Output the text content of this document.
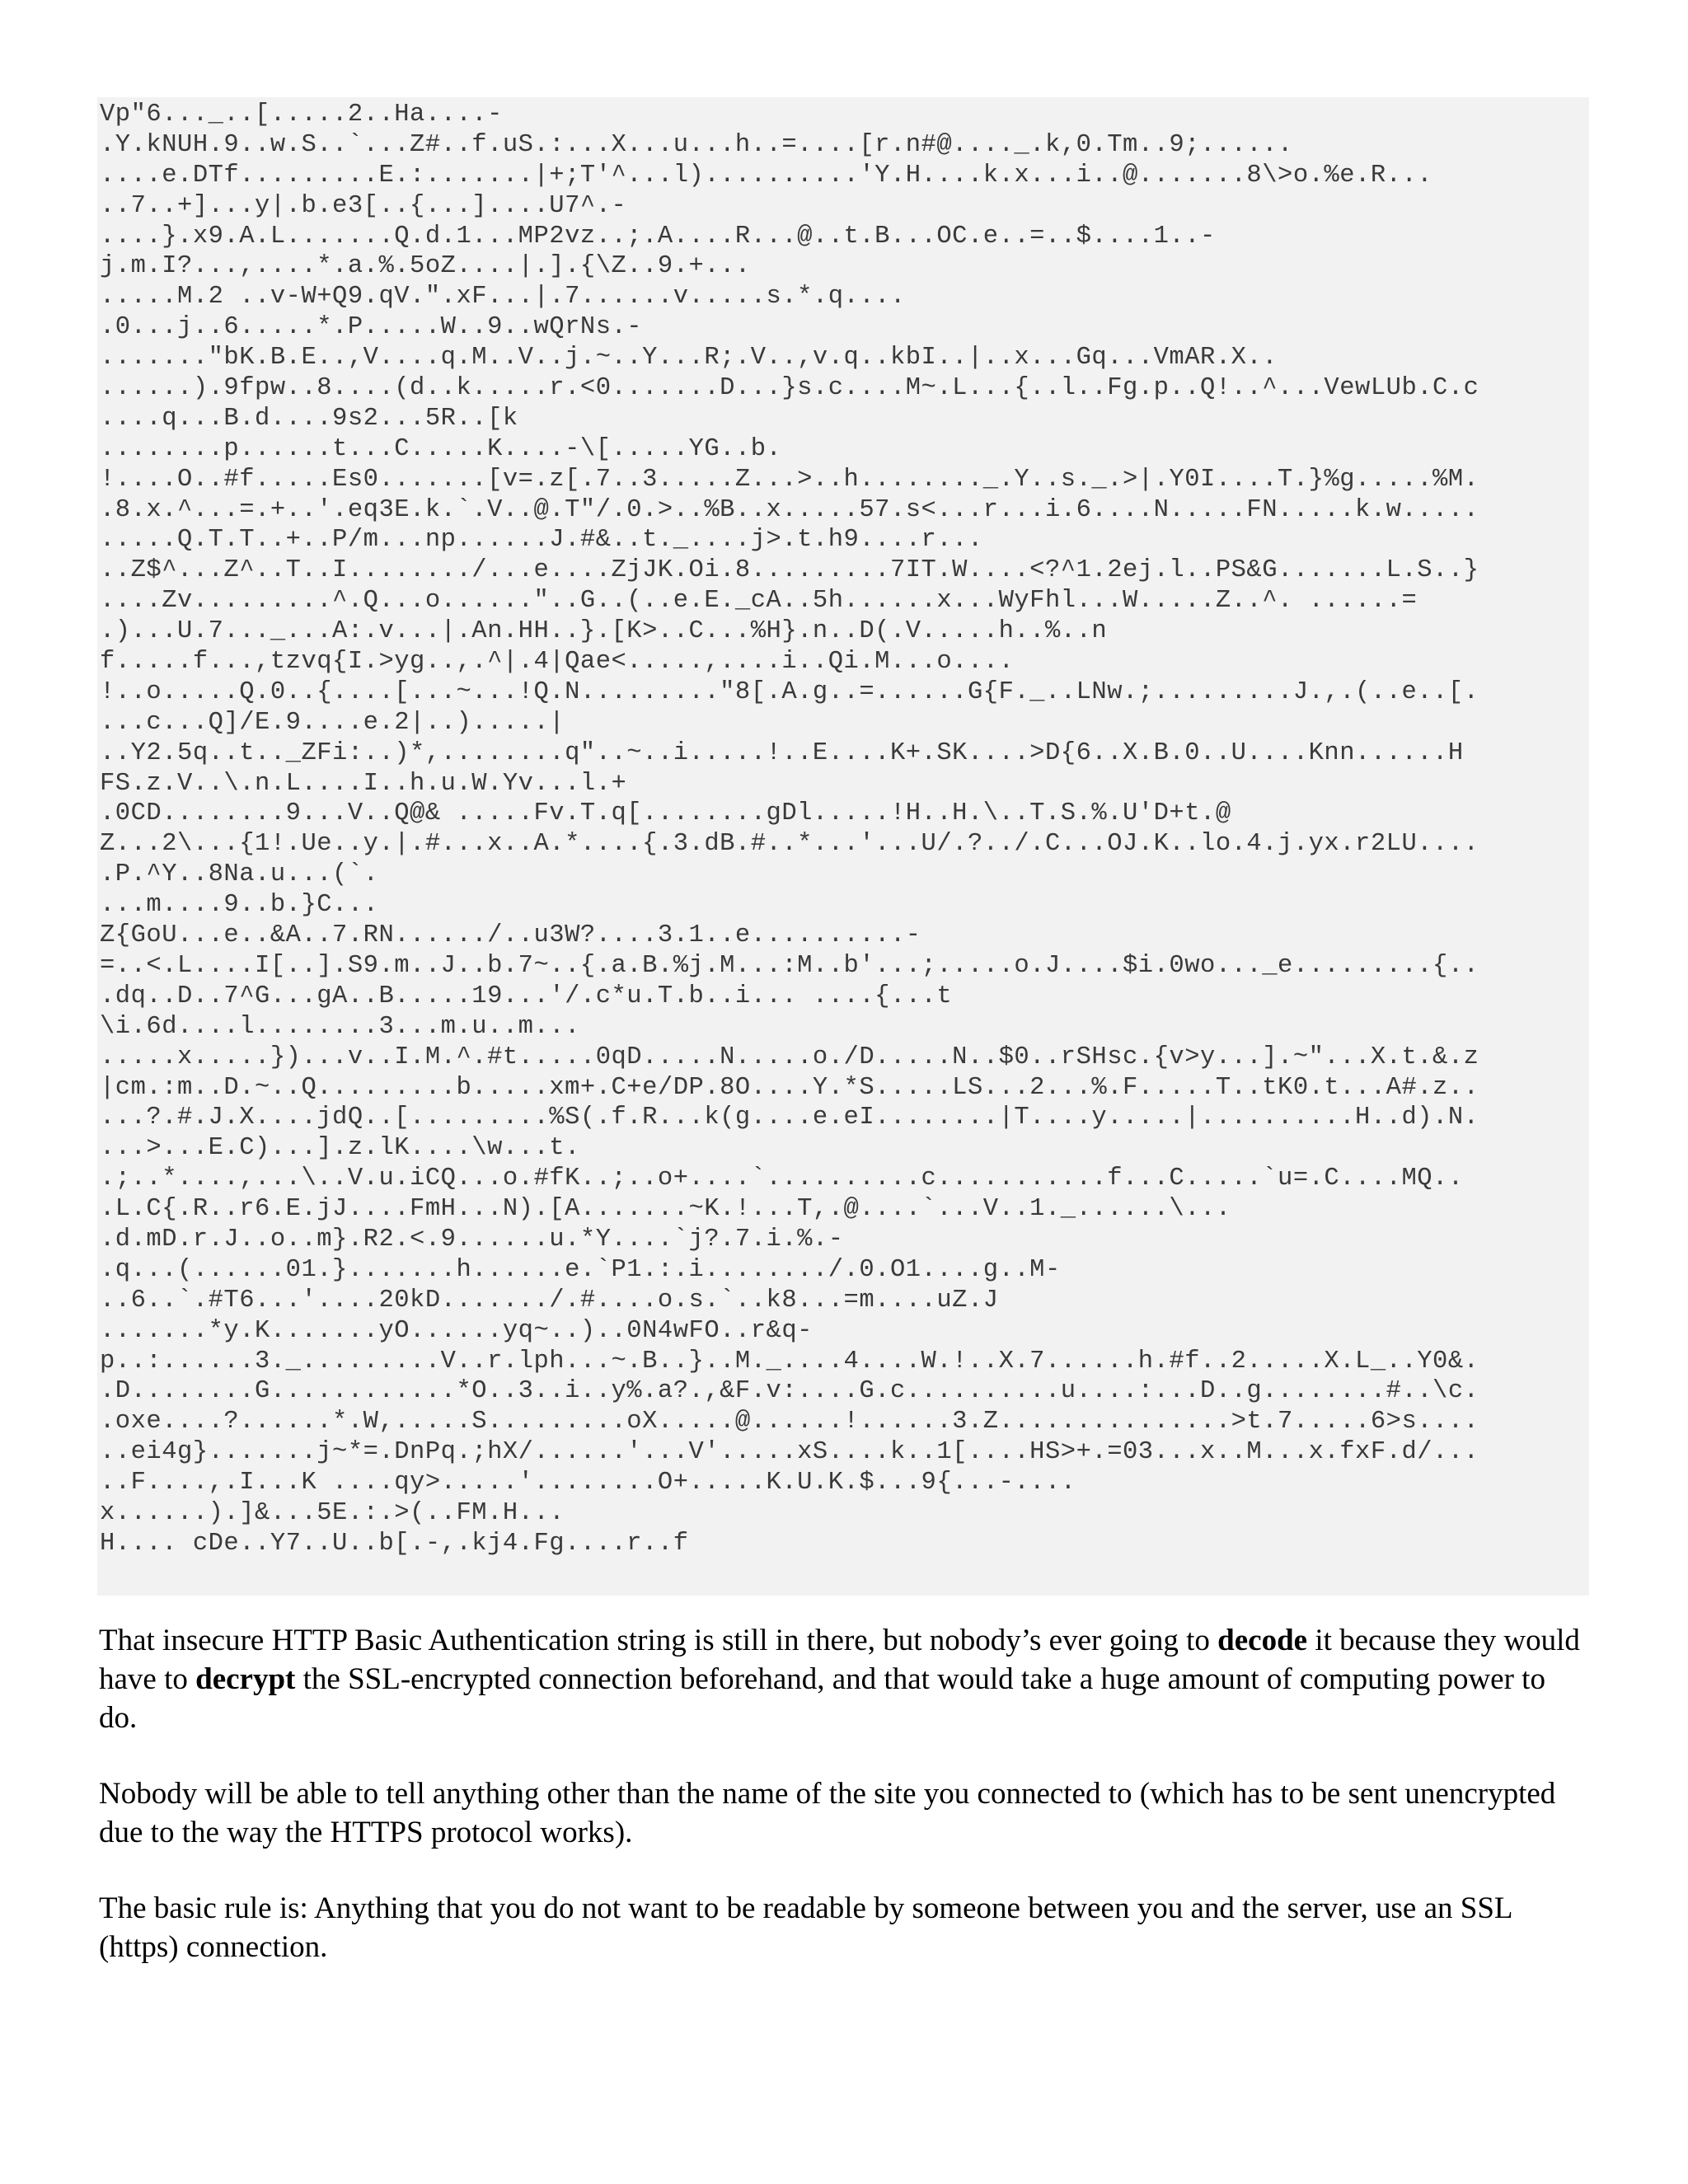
Vp"6..._..[.....2..Ha....-
.Y.kNUH.9..w.S..`...Z#..f.uS.:...X...u...h..=....[r.n#@...._.k,0.Tm..9;......
....e.DTf.........E.:.......|+;T'^...l)..........'Y.H....k.x...i..@.......8\>o.%e.R...
..7..+]...y|.b.e3[..{...]....U7^.-
....}.x9.A.L.......Q.d.1...MP2vz..;.A....R...@..t.B...OC.e..=..$....1..-
j.m.I?...,....*.a.%.5oZ....|.].{\Z..9.+...
.....M.2 ..v-W+Q9.qV.".xF...|.7......v.....s.*.q....
.0...j..6.....*.P.....W..9..wQrNs.-
......."bK.B.E..,V....q.M..V..j.~..Y...R;.V..,v.q..kbI..|..x...Gq...VmAR.X..
......).9fpw..8....(d..k.....r.<0.......D...}s.c....M~.L...{..l..Fg.p..Q!..^...VewLUb.C.c
....q...B.d....9s2...5R..[k
........p......t...C.....K....-\[.....YG..b.
!....O..#f.....Es0.......[v=.z[.7..3.....Z...>..h........_.Y..s._.>|.Y0I....T.}%g.....%M.
.8.x.^...=.+..'.eq3E.k.`.V..@.T"/.0.>..%B..x.....57.s<...r...i.6....N.....FN.....k.w.....
.....Q.T.T..+..P/m...np......J.#&..t._....j>.t.h9....r...
..Z$^...Z^..T..I......../...e....ZjJK.Oi.8.........7IT.W....<?^1.2ej.l..PS&G.......L.S..}
....Zv.........^.Q...o......"..G..(..e.E._cA..5h......x...WyFhl...W.....Z..^. ......=
.)...U.7..._...A:.v...|.An.HH..}.[K>..C...%H}.n..D(.V.....h..%..n
f.....f...,tzvq{I.>yg..,.^|.4|Qae<.....,....i..Qi.M...o....
!..o.....Q.0..{....[...~...!Q.N........."8[.A.g..=......G{F._..LNw.;.........J.,.(..e..[.
...c...Q]/E.9....e.2|..).....|
..Y2.5q..t.._ZFi:..)*,........q"..~..i.....!..E....K+.SK....>D{6..X.B.0..U....Knn......H
FS.z.V..\.n.L....I..h.u.W.Yv...l.+
.0CD........9...V..Q@& .....Fv.T.q[........gDl.....!H..H.\..T.S.%.U'D+t.@
Z...2\...{1!.Ue..y.|.#...x..A.*....{.3.dB.#..*...'...U/.?../.C...OJ.K..lo.4.j.yx.r2LU....
.P.^Y..8Na.u...(`.
...m....9..b.}C...
Z{GoU...e..&A..7.RN....../..u3W?....3.1..e..........-
=..<.L....I[..].S9.m..J..b.7~..{.a.B.%j.M...:M..b'...;.....o.J....$i.0wo..._e.........{..
.dq..D..7^G...gA..B.....19...'/.c*u.T.b..i... ....{...t
\i.6d....l........3...m.u..m...
.....x.....})...v..I.M.^.#t.....0qD.....N.....o./D.....N..$0..rSHsc.{v>y...].~"...X.t.&.z
|cm.:m..D.~..Q.........b.....xm+.C+e/DP.8O....Y.*S.....LS...2...%.F.....T..tK0.t...A#.z..
...?.#.J.X....jdQ..[.........%S(.f.R...k(g....e.eI........|T....y.....|..........H..d).N.
...>...E.C)...].z.lK....\w...t.
.;..*....,...\..V.u.iCQ...o.#fK..;..o+....`..........c...........f...C.....`u=.C....MQ..
.L.C{.R..r6.E.jJ....FmH...N).[A.......~K.!...T,.@....`...V..1._......\...
.d.mD.r.J..o..m}.R2.<.9......u.*Y....`j?.7.i.%.-
.q...(......01.}.......h......e.`P1.:.i......../.0.O1....g..M-
..6..`.#T6...'....20kD......./.#....o.s.`..k8...=m....uZ.J
.......*y.K.......yO......yq~..)..0N4wFO..r&q-
p..:......3._.........V..r.lph...~.B..}..M._....4....W.!..X.7......h.#f..2.....X.L_..Y0&.
.D........G............*O..3..i..y%.a?.,&F.v:....G.c..........u....:...D..g........#..\c.
.oxe....?......*.W,.....S.........oX.....@......!......3.Z...............>t.7.....6>s....
..ei4g}.......j~*=.DnPq.;hX/......'...V'.....xS....k..1[....HS>+.=03...x..M...x.fxF.d/...
..F....,.I...K ....qy>.....'........O+.....K.U.K.$...9{...-....
x......).]&...5E.:.>(..FM.H...
H.... cDe..Y7..U..b[.-,.kj4.Fg....r..f

That insecure HTTP Basic Authentication string is still in there, but nobody’s ever going to decode it because they would have to decrypt the SSL-encrypted connection beforehand, and that would take a huge amount of computing power to do.

Nobody will be able to tell anything other than the name of the site you connected to (which has to be sent unencrypted due to the way the HTTPS protocol works).

The basic rule is: Anything that you do not want to be readable by someone between you and the server, use an SSL (https) connection.
